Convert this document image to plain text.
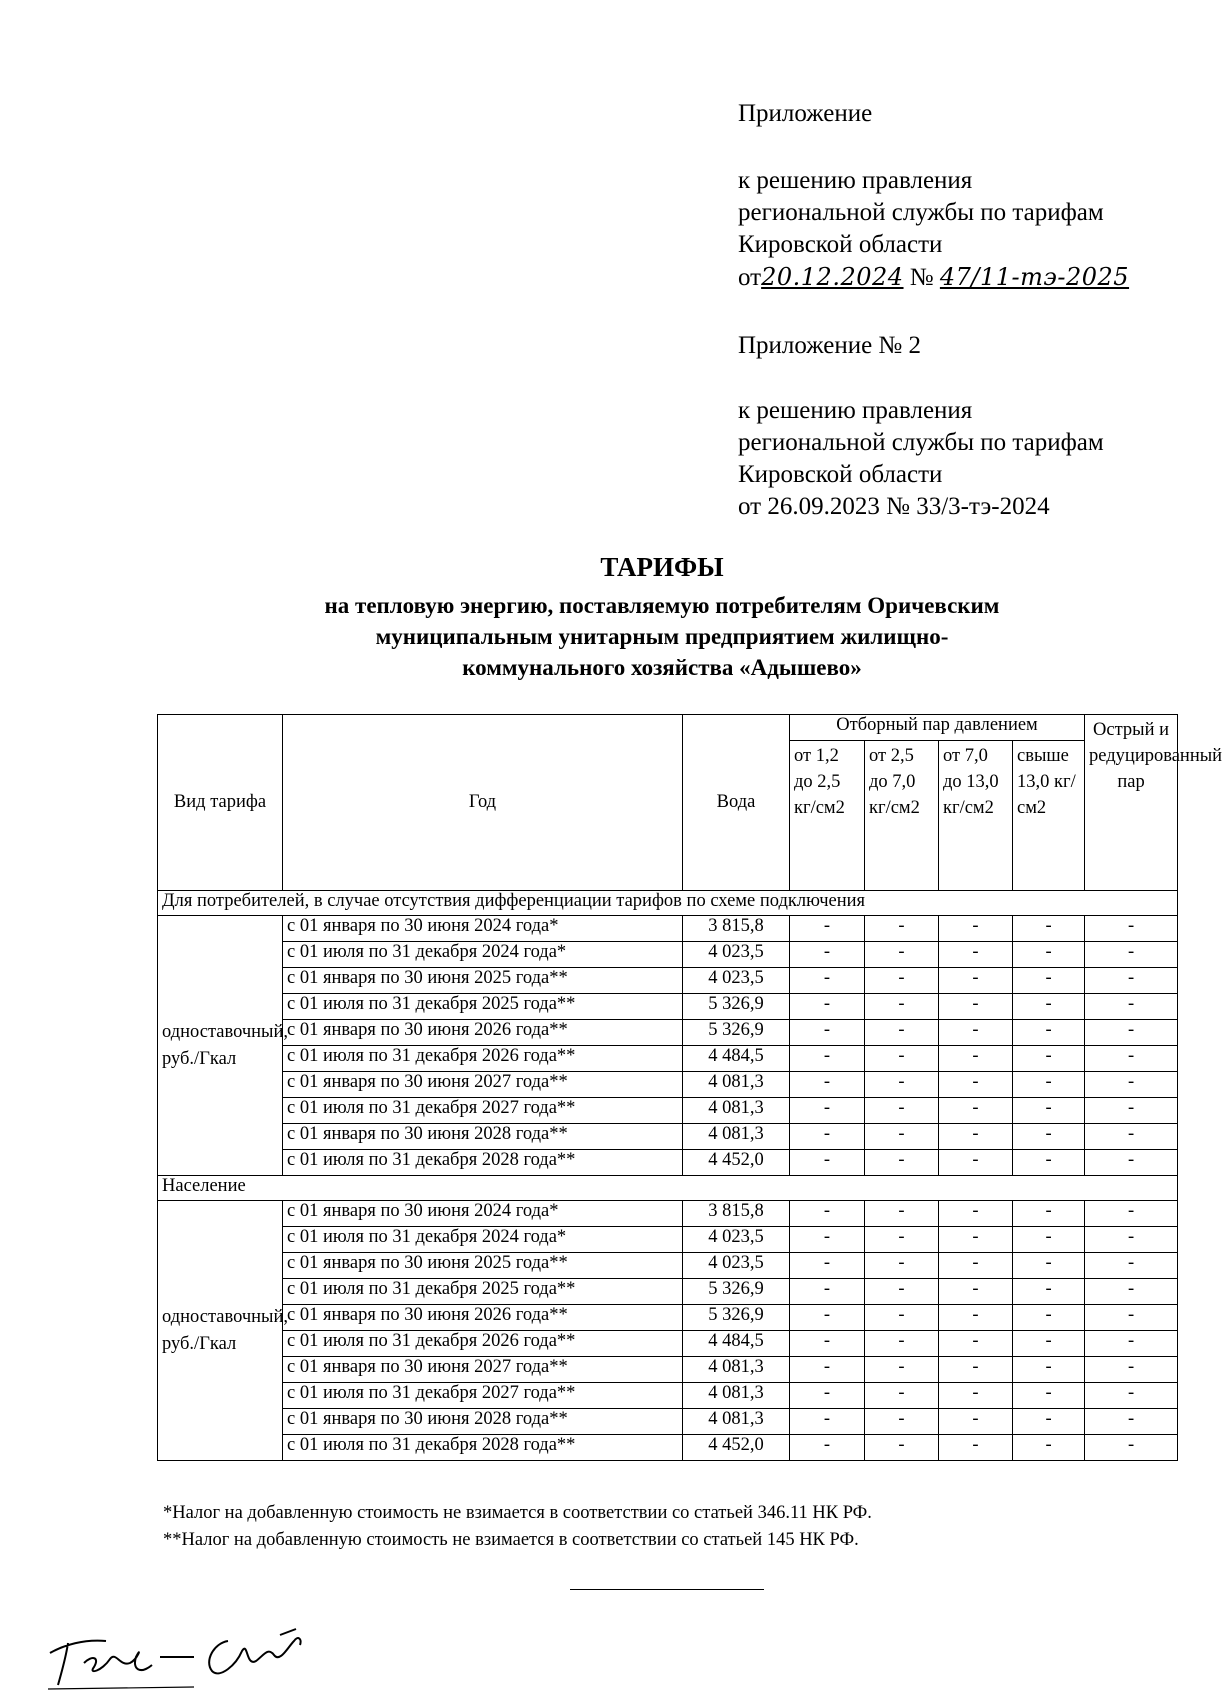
Приложение
к решению правления
региональной службы по тарифам
Кировской области
от20.12.2024 № 47/11-тэ-2025
Приложение № 2
к решению правления
региональной службы по тарифам
Кировской области
от 26.09.2023 № 33/3-тэ-2024
ТАРИФЫ
на тепловую энергию, поставляемую потребителям Оричевским
муниципальным унитарным предприятием жилищно-
коммунального хозяйства «Адышево»
Вид тарифа	Год	Вода	Отборный пар давлением				Острый и редуцированный пар
			от 1,2 до 2,5 кг/см2	от 2,5 до 7,0 кг/см2	от 7,0 до 13,0 кг/см2	свыше 13,0 кг/см2	
Для потребителей, в случае отсутствия дифференциации тарифов по схеме подключения							
одноставочный, руб./Гкал	с 01 января по 30 июня 2024 года*	3 815,8	-	-	-	-	-
	с 01 июля по 31 декабря 2024 года*	4 023,5	-	-	-	-	-
	с 01 января по 30 июня 2025 года**	4 023,5	-	-	-	-	-
	с 01 июля по 31 декабря 2025 года**	5 326,9	-	-	-	-	-
	с 01 января по 30 июня 2026 года**	5 326,9	-	-	-	-	-
	с 01 июля по 31 декабря 2026 года**	4 484,5	-	-	-	-	-
	с 01 января по 30 июня 2027 года**	4 081,3	-	-	-	-	-
	с 01 июля по 31 декабря 2027 года**	4 081,3	-	-	-	-	-
	с 01 января по 30 июня 2028 года**	4 081,3	-	-	-	-	-
	с 01 июля по 31 декабря 2028 года**	4 452,0	-	-	-	-	-
Население							
одноставочный, руб./Гкал	с 01 января по 30 июня 2024 года*	3 815,8	-	-	-	-	-
	с 01 июля по 31 декабря 2024 года*	4 023,5	-	-	-	-	-
	с 01 января по 30 июня 2025 года**	4 023,5	-	-	-	-	-
	с 01 июля по 31 декабря 2025 года**	5 326,9	-	-	-	-	-
	с 01 января по 30 июня 2026 года**	5 326,9	-	-	-	-	-
	с 01 июля по 31 декабря 2026 года**	4 484,5	-	-	-	-	-
	с 01 января по 30 июня 2027 года**	4 081,3	-	-	-	-	-
	с 01 июля по 31 декабря 2027 года**	4 081,3	-	-	-	-	-
	с 01 января по 30 июня 2028 года**	4 081,3	-	-	-	-	-
	с 01 июля по 31 декабря 2028 года**	4 452,0	-	-	-	-	-
*Налог на добавленную стоимость не взимается в соответствии со статьей 346.11 НК РФ.
**Налог на добавленную стоимость не взимается в соответствии со статьей 145 НК РФ.
